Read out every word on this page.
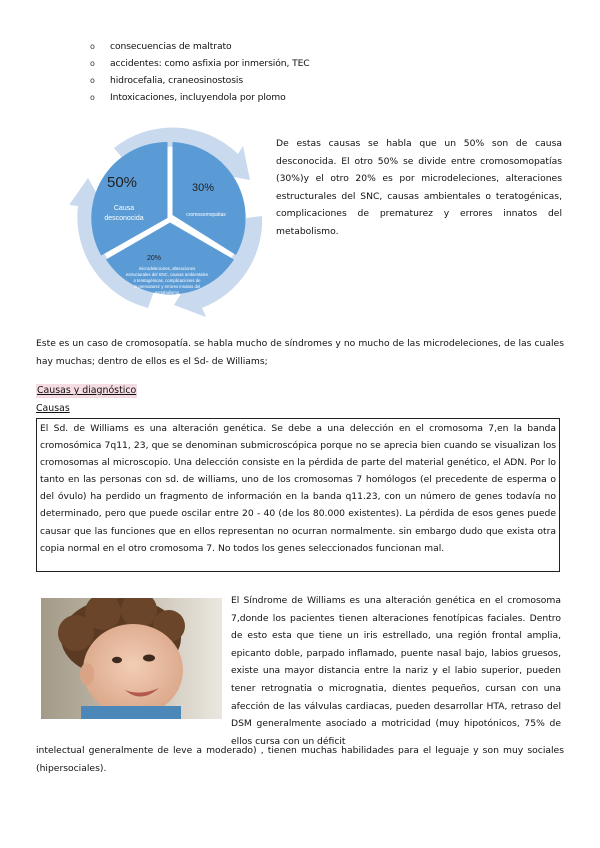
o consecuencias de maltrato
o accidentes: como asfixia por inmersión, TEC
o hidrocefalia, craneosinostosis
o Intoxicaciones, incluyendola por plomo
50%
Causa
desconocida
30%
cromosomopatias
20%
microdeleciones, alteraciones
estructurales del SNC, causas ambientales
o teratogénicas, complicaciones de
la prematurez y errores innatos del
metabolismo

De estas causas se habla que un 50% son de causa desconocida. El otro 50% se divide entre cromosomopatías (30%)y el otro 20% es por microdeleciones, alteraciones estructurales del SNC, causas ambientales o teratogénicas, complicaciones de prematurez y errores innatos del metabolismo.

Este es un caso de cromosopatía. se habla mucho de síndromes y no mucho de las microdeleciones, de las cuales hay muchas; dentro de ellos es el Sd- de Williams;

Causas y diagnóstico

Causas

El Sd. de Williams es una alteración genética. Se debe a una delección en el cromosoma 7,en la banda cromosómica 7q11, 23, que se denominan submicroscópica porque no se aprecia bien cuando se visualizan los cromosomas al microscopio. Una delección consiste en la pérdida de parte del material genético, el ADN. Por lo tanto en las personas con sd. de williams, uno de los cromosomas 7 homólogos (el precedente de esperma o del óvulo) ha perdido un fragmento de información en la banda q11.23, con un número de genes todavía no determinado, pero que puede oscilar entre 20 - 40 (de los 80.000 existentes). La pérdida de esos genes puede causar que las funciones que en ellos representan no ocurran normalmente. sin embargo dudo que exista otra copia normal en el otro cromosoma 7. No todos los genes seleccionados funcionan mal.

El Síndrome de Williams es una alteración genética en el cromosoma 7,donde los pacientes tienen alteraciones fenotípicas faciales. Dentro de esto esta que tiene un iris estrellado, una región frontal amplia, epicanto doble, parpado inflamado, puente nasal bajo, labios gruesos, existe una mayor distancia entre la nariz y el labio superior, pueden tener retrognatia o micrognatia, dientes pequeños, cursan con una afección de las válvulas cardiacas, pueden desarrollar HTA, retraso del DSM generalmente asociado a motricidad (muy hipotónicos, 75% de ellos cursa con un déficit

intelectual generalmente de leve a moderado) , tienen muchas habilidades para el leguaje y son muy sociales (hipersociales).
